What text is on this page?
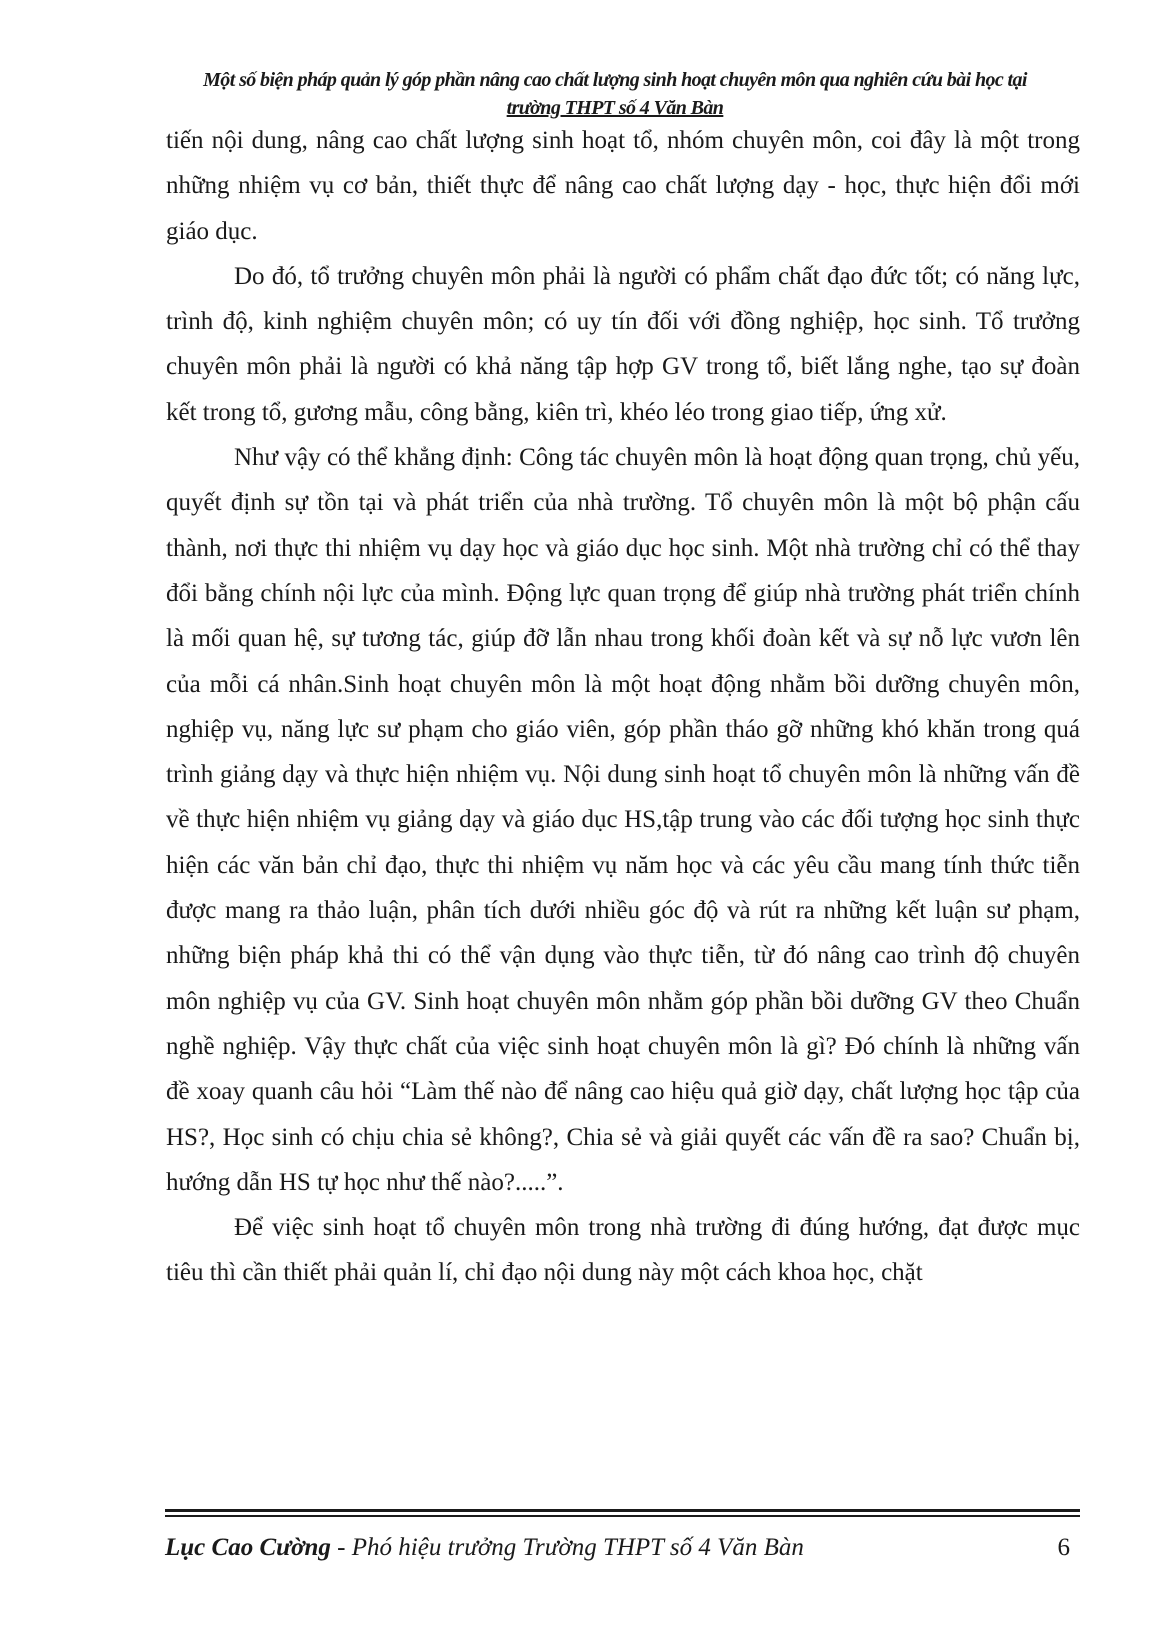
Một số biện pháp quản lý góp phần nâng cao chất lượng sinh hoạt chuyên môn qua nghiên cứu bài học tại
trường THPT số 4 Văn Bàn

tiến nội dung, nâng cao chất lượng sinh hoạt tổ, nhóm chuyên môn, coi đây là một trong những nhiệm vụ cơ bản, thiết thực để nâng cao chất lượng dạy - học, thực hiện đổi mới giáo dục.

Do đó, tổ trưởng chuyên môn phải là người có phẩm chất đạo đức tốt; có năng lực, trình độ, kinh nghiệm chuyên môn; có uy tín đối với đồng nghiệp, học sinh. Tổ trưởng chuyên môn phải là người có khả năng tập hợp GV trong tổ, biết lắng nghe, tạo sự đoàn kết trong tổ, gương mẫu, công bằng, kiên trì, khéo léo trong giao tiếp, ứng xử.

Như vậy có thể khẳng định: Công tác chuyên môn là hoạt động quan trọng, chủ yếu, quyết định sự tồn tại và phát triển của nhà trường. Tổ chuyên môn là một bộ phận cấu thành, nơi thực thi nhiệm vụ dạy học và giáo dục học sinh. Một nhà trường chỉ có thể thay đổi bằng chính nội lực của mình. Động lực quan trọng để giúp nhà trường phát triển chính là mối quan hệ, sự tương tác, giúp đỡ lẫn nhau trong khối đoàn kết và sự nỗ lực vươn lên của mỗi cá nhân.Sinh hoạt chuyên môn là một hoạt động nhằm bồi dưỡng chuyên môn, nghiệp vụ, năng lực sư phạm cho giáo viên, góp phần tháo gỡ những khó khăn trong quá trình giảng dạy và thực hiện nhiệm vụ. Nội dung sinh hoạt tổ chuyên môn là những vấn đề về thực hiện nhiệm vụ giảng dạy và giáo dục HS,tập trung vào các đối tượng học sinh thực hiện các văn bản chỉ đạo, thực thi nhiệm vụ năm học và các yêu cầu mang tính thức tiễn được mang ra thảo luận, phân tích dưới nhiều góc độ và rút ra những kết luận sư phạm, những biện pháp khả thi có thể vận dụng vào thực tiễn, từ đó nâng cao trình độ chuyên môn nghiệp vụ của GV. Sinh hoạt chuyên môn nhằm góp phần bồi dưỡng GV theo Chuẩn nghề nghiệp. Vậy thực chất của việc sinh hoạt chuyên môn là gì? Đó chính là những vấn đề xoay quanh câu hỏi “Làm thế nào để nâng cao hiệu quả giờ dạy, chất lượng học tập của HS?, Học sinh có chịu chia sẻ không?, Chia sẻ và giải quyết các vấn đề ra sao? Chuẩn bị, hướng dẫn HS tự học như thế nào?.....”.

Để việc sinh hoạt tổ chuyên môn trong nhà trường đi đúng hướng, đạt được mục tiêu thì cần thiết phải quản lí, chỉ đạo nội dung này một cách khoa học, chặt

Lục Cao Cường - Phó hiệu trưởng Trường THPT số 4 Văn Bàn	6
